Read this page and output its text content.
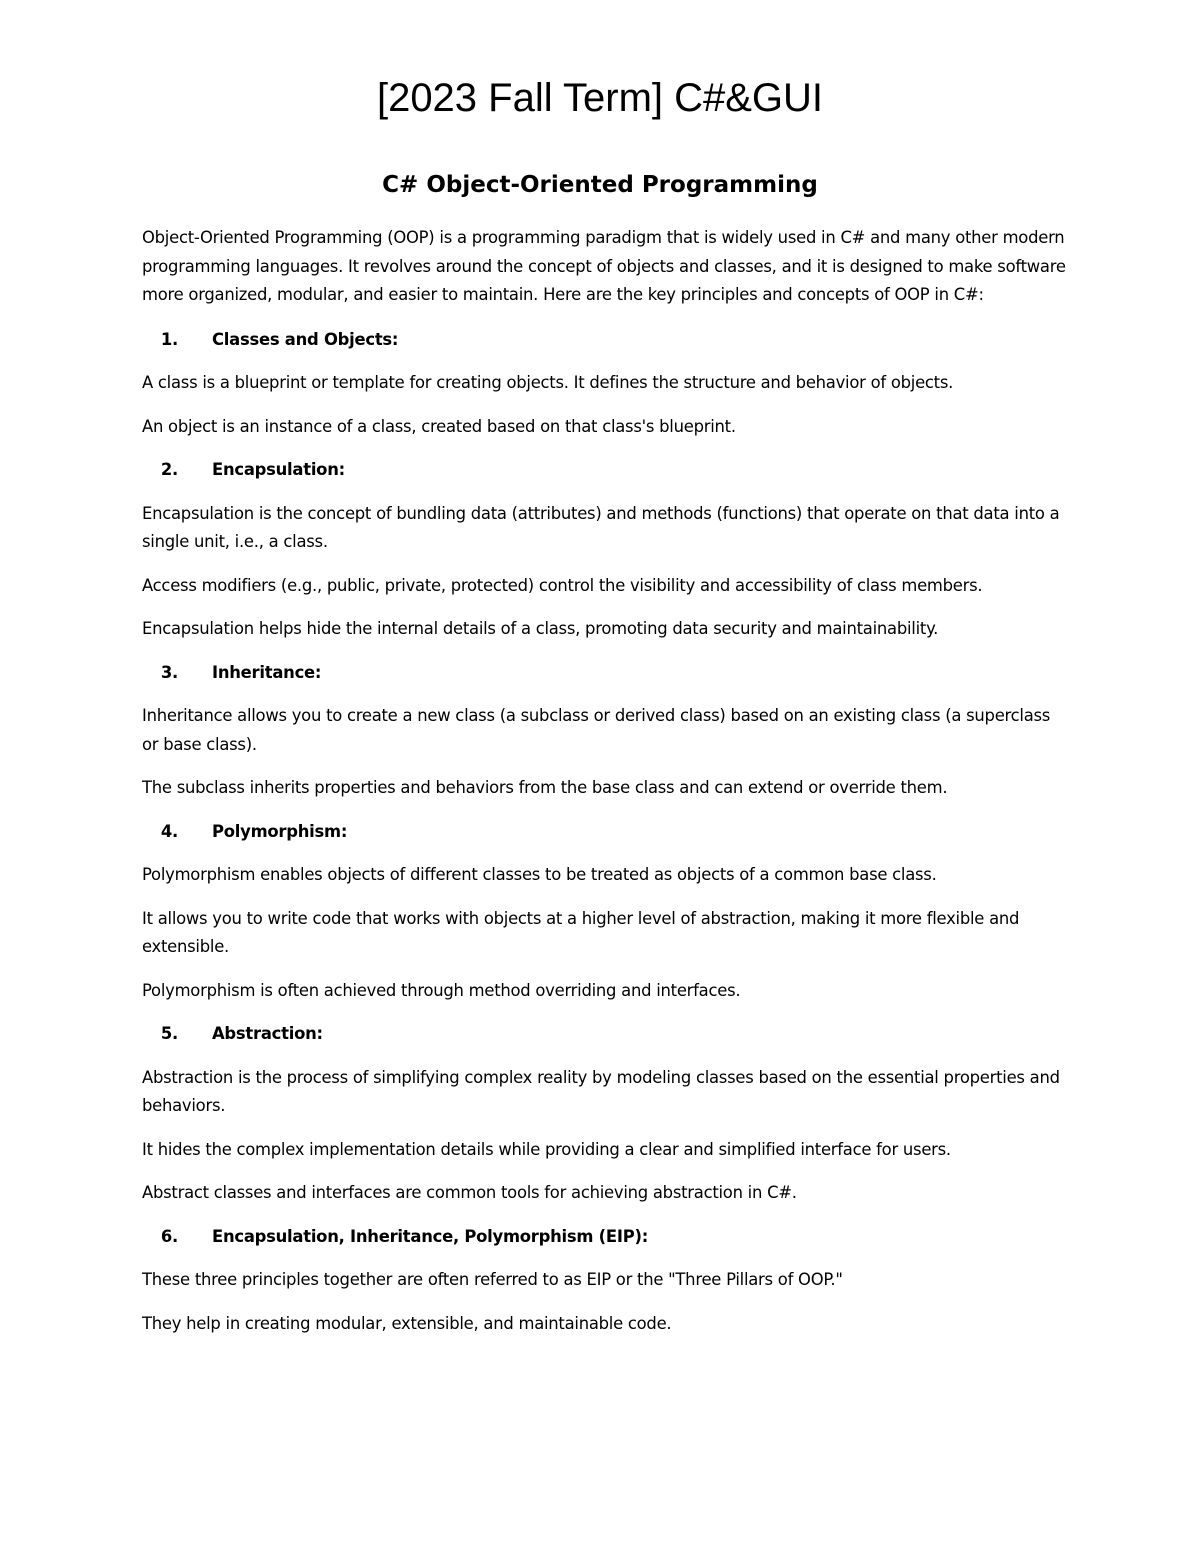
[2023 Fall Term] C#&GUI
C# Object-Oriented Programming

Object-Oriented Programming (OOP) is a programming paradigm that is widely used in C# and many other modern programming languages. It revolves around the concept of objects and classes, and it is designed to make software more organized, modular, and easier to maintain. Here are the key principles and concepts of OOP in C#:

1.	Classes and Objects:

A class is a blueprint or template for creating objects. It defines the structure and behavior of objects.

An object is an instance of a class, created based on that class's blueprint.

2.	Encapsulation:

Encapsulation is the concept of bundling data (attributes) and methods (functions) that operate on that data into a single unit, i.e., a class.

Access modifiers (e.g., public, private, protected) control the visibility and accessibility of class members.

Encapsulation helps hide the internal details of a class, promoting data security and maintainability.

3.	Inheritance:

Inheritance allows you to create a new class (a subclass or derived class) based on an existing class (a superclass or base class).

The subclass inherits properties and behaviors from the base class and can extend or override them.

4.	Polymorphism:

Polymorphism enables objects of different classes to be treated as objects of a common base class.

It allows you to write code that works with objects at a higher level of abstraction, making it more flexible and extensible.

Polymorphism is often achieved through method overriding and interfaces.

5.	Abstraction:

Abstraction is the process of simplifying complex reality by modeling classes based on the essential properties and behaviors.

It hides the complex implementation details while providing a clear and simplified interface for users.

Abstract classes and interfaces are common tools for achieving abstraction in C#.

6.	Encapsulation, Inheritance, Polymorphism (EIP):

These three principles together are often referred to as EIP or the "Three Pillars of OOP."

They help in creating modular, extensible, and maintainable code.
